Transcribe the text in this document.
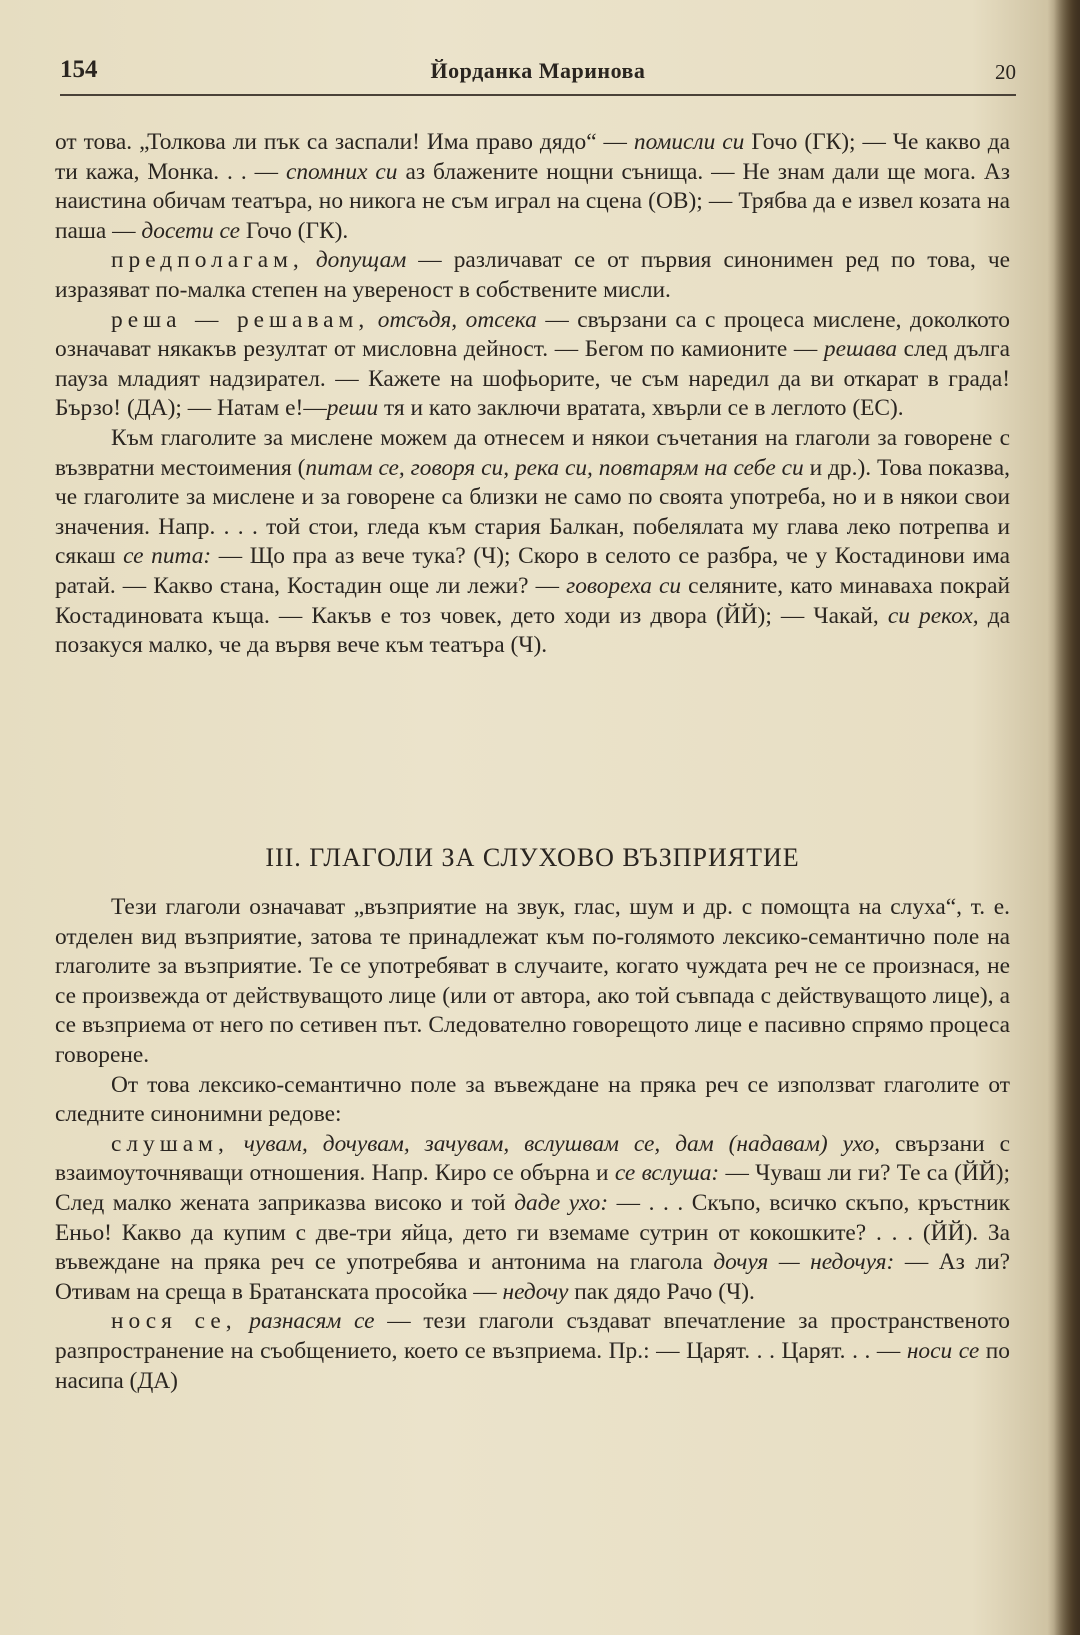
154	Йорданка Маринова	20

от това. „Толкова ли пък са заспали! Има право дядо“ — помисли си Гочо (ГК); — Че какво да ти кажа, Монка. . . — спомних си аз блажените нощни сънища. — Не знам дали ще мога. Аз наистина обичам театъра, но никога не съм играл на сцена (ОВ); — Трябва да е извел козата на паша — досети се Гочо (ГК).

предполагам, допущам — различават се от първия синонимен ред по това, че изразяват по-малка степен на увереност в собствените мисли.

реша — решавам, отсъдя, отсека — свързани са с процеса мислене, доколкото означават някакъв резултат от мисловна дейност. — Бегом по камионите — решава след дълга пауза младият надзирател. — Кажете на шофьорите, че съм наредил да ви откарат в града! Бързо! (ДА); — Натам е!—реши тя и като заключи вратата, хвърли се в леглото (ЕС).

Към глаголите за мислене можем да отнесем и някои съчетания на глаголи за говорене с възвратни местоимения (питам се, говоря си, река си, повтарям на себе си и др.). Това показва, че глаголите за мислене и за говорене са близки не само по своята употреба, но и в някои свои значения. Напр. . . . той стои, гледа към стария Балкан, побелялата му глава леко потрепва и сякаш се пита: — Що пра аз вече тука? (Ч); Скоро в селото се разбра, че у Костадинови има ратай. — Какво стана, Костадин още ли лежи? — говореха си селяните, като минаваха покрай Костадиновата къща. — Какъв е тоз човек, дето ходи из двора (ЙЙ); — Чакай, си рекох, да позакуся малко, че да вървя вече към театъра (Ч).

III. ГЛАГОЛИ ЗА СЛУХОВО ВЪЗПРИЯТИЕ

Тези глаголи означават „възприятие на звук, глас, шум и др. с помощта на слуха“, т. е. отделен вид възприятие, затова те принадлежат към по-голямото лексико-семантично поле на глаголите за възприятие. Те се употребяват в случаите, когато чуждата реч не се произнася, не се произвежда от действуващото лице (или от автора, ако той съвпада с действуващото лице), а се възприема от него по сетивен път. Следователно говорещото лице е пасивно спрямо процеса говорене.

От това лексико-семантично поле за въвеждане на пряка реч се използват глаголите от следните синонимни редове:

слушам, чувам, дочувам, зачувам, вслушвам се, дам (надавам) ухо, свързани с взаимоуточняващи отношения. Напр. Киро се обърна и се вслуша: — Чуваш ли ги? Те са (ЙЙ); След малко жената заприказва високо и той даде ухо: — . . . Скъпо, всичко скъпо, кръстник Еньо! Какво да купим с две-три яйца, дето ги вземаме сутрин от кокошките? . . . (ЙЙ). За въвеждане на пряка реч се употребява и антонима на глагола дочуя — недочуя: — Аз ли? Отивам на среща в Братанската просойка — недочу пак дядо Рачо (Ч).

нося се, разнасям се — тези глаголи създават впечатление за пространственото разпространение на съобщението, което се възприема. Пр.: — Царят. . . Царят. . . — носи се по насипа (ДА)
